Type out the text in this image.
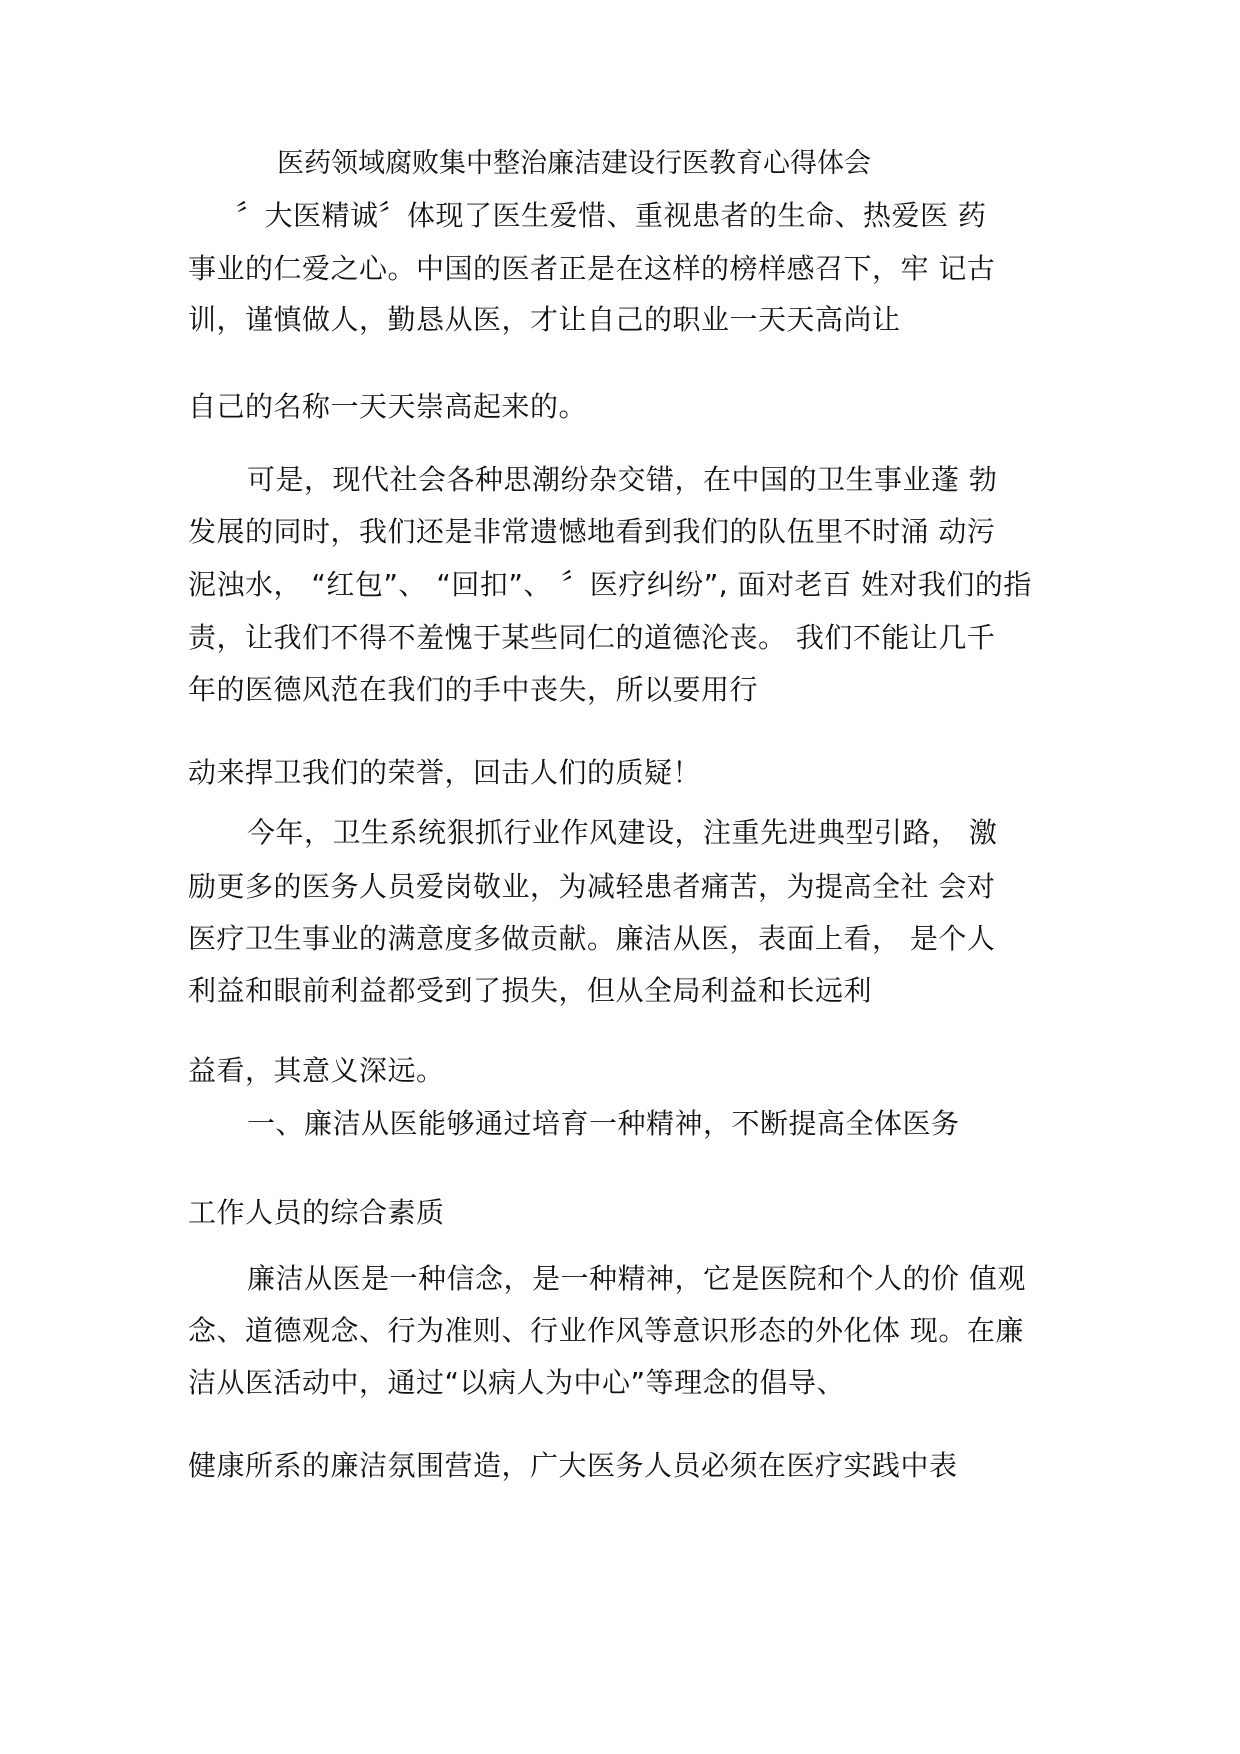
医药领域腐败集中整治廉洁建设行医教育心得体会
〞大医精诚〞体现了医生爱惜、重视患者的生命、热爱医 药
事业的仁爱之心。中国的医者正是在这样的榜样感召下，牢 记古
训，谨慎做人，勤恳从医，才让自己的职业一天天高尚让
自己的名称一天天崇高起来的。
可是，现代社会各种思潮纷杂交错，在中国的卫生事业蓬 勃
发展的同时，我们还是非常遗憾地看到我们的队伍里不时涌 动污
泥浊水， “红包”、 “回扣”、 〞医疗纠纷”, 面对老百 姓对我们的指
责，让我们不得不羞愧于某些同仁的道德沦丧。 我们不能让几千
年的医德风范在我们的手中丧失，所以要用行
动来捍卫我们的荣誉，回击人们的质疑！
今年，卫生系统狠抓行业作风建设，注重先进典型引路， 激
励更多的医务人员爱岗敬业，为减轻患者痛苦，为提高全社 会对
医疗卫生事业的满意度多做贡献。廉洁从医，表面上看， 是个人
利益和眼前利益都受到了损失，但从全局利益和长远利
益看，其意义深远。
一、廉洁从医能够通过培育一种精神，不断提高全体医务
工作人员的综合素质
廉洁从医是一种信念，是一种精神，它是医院和个人的价 值观
念、道德观念、行为准则、行业作风等意识形态的外化体 现。在廉
洁从医活动中，通过“以病人为中心”等理念的倡导、
健康所系的廉洁氛围营造，广大医务人员必须在医疗实践中表
